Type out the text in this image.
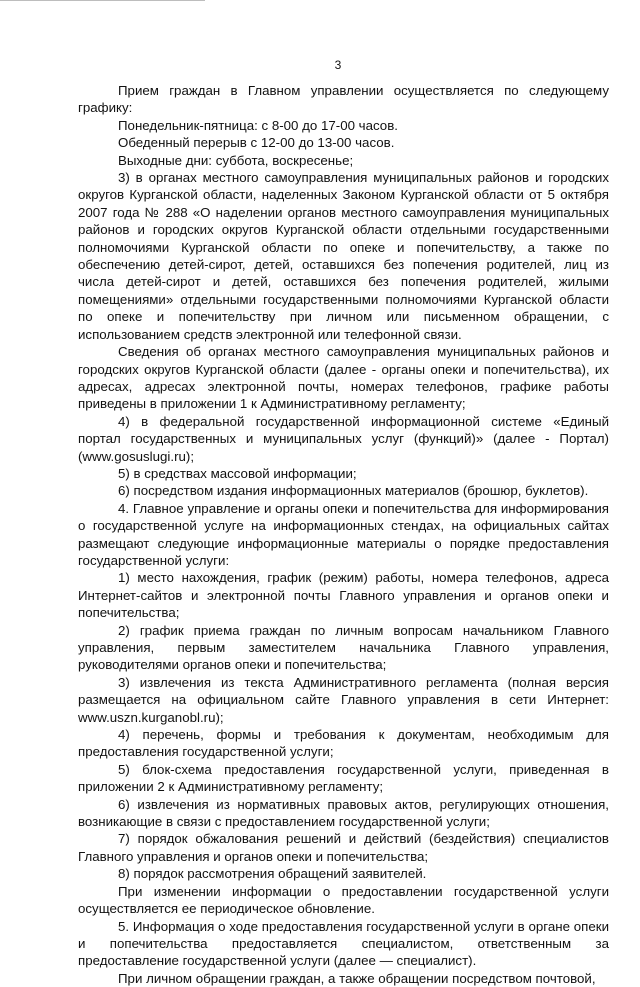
3

Прием граждан в Главном управлении осуществляется по следующему графику:

Понедельник-пятница: с 8-00 до 17-00 часов.

Обеденный перерыв с 12-00 до 13-00 часов.

Выходные дни: суббота, воскресенье;

3) в органах местного самоуправления муниципальных районов и городских округов Курганской области, наделенных Законом Курганской области от 5 октября 2007 года № 288 «О наделении органов местного самоуправления муниципальных районов и городских округов Курганской области отдельными государственными полномочиями Курганской области по опеке и попечительству, а также по обеспечению детей-сирот, детей, оставшихся без попечения родителей, лиц из числа детей-сирот и детей, оставшихся без попечения родителей, жилыми помещениями» отдельными государственными полномочиями Курганской области по опеке и попечительству при личном или письменном обращении, с использованием средств электронной или телефонной связи.

Сведения об органах местного самоуправления муниципальных районов и городских округов Курганской области (далее - органы опеки и попечительства), их адресах, адресах электронной почты, номерах телефонов, графике работы приведены в приложении 1 к Административному регламенту;

4) в федеральной государственной информационной системе «Единый портал государственных и муниципальных услуг (функций)» (далее - Портал) (www.gosuslugi.ru);

5) в средствах массовой информации;

6) посредством издания информационных материалов (брошюр, буклетов).

4. Главное управление и органы опеки и попечительства для информирования о государственной услуге на информационных стендах, на официальных сайтах размещают следующие информационные материалы о порядке предоставления государственной услуги:

1) место нахождения, график (режим) работы, номера телефонов, адреса Интернет-сайтов и электронной почты Главного управления и органов опеки и попечительства;

2) график приема граждан по личным вопросам начальником Главного управления, первым заместителем начальника Главного управления, руководителями органов опеки и попечительства;

3) извлечения из текста Административного регламента (полная версия размещается на официальном сайте Главного управления в сети Интернет: www.uszn.kurganobl.ru);

4) перечень, формы и требования к документам, необходимым для предоставления государственной услуги;

5) блок-схема предоставления государственной услуги, приведенная в приложении 2 к Административному регламенту;

6) извлечения из нормативных правовых актов, регулирующих отношения, возникающие в связи с предоставлением государственной услуги;

7) порядок обжалования решений и действий (бездействия) специалистов Главного управления и органов опеки и попечительства;

8) порядок рассмотрения обращений заявителей.

При изменении информации о предоставлении государственной услуги осуществляется ее периодическое обновление.

5. Информация о ходе предоставления государственной услуги в органе опеки и попечительства предоставляется специалистом, ответственным за предоставление государственной услуги (далее — специалист).

При личном обращении граждан, а также обращении посредством почтовой,
